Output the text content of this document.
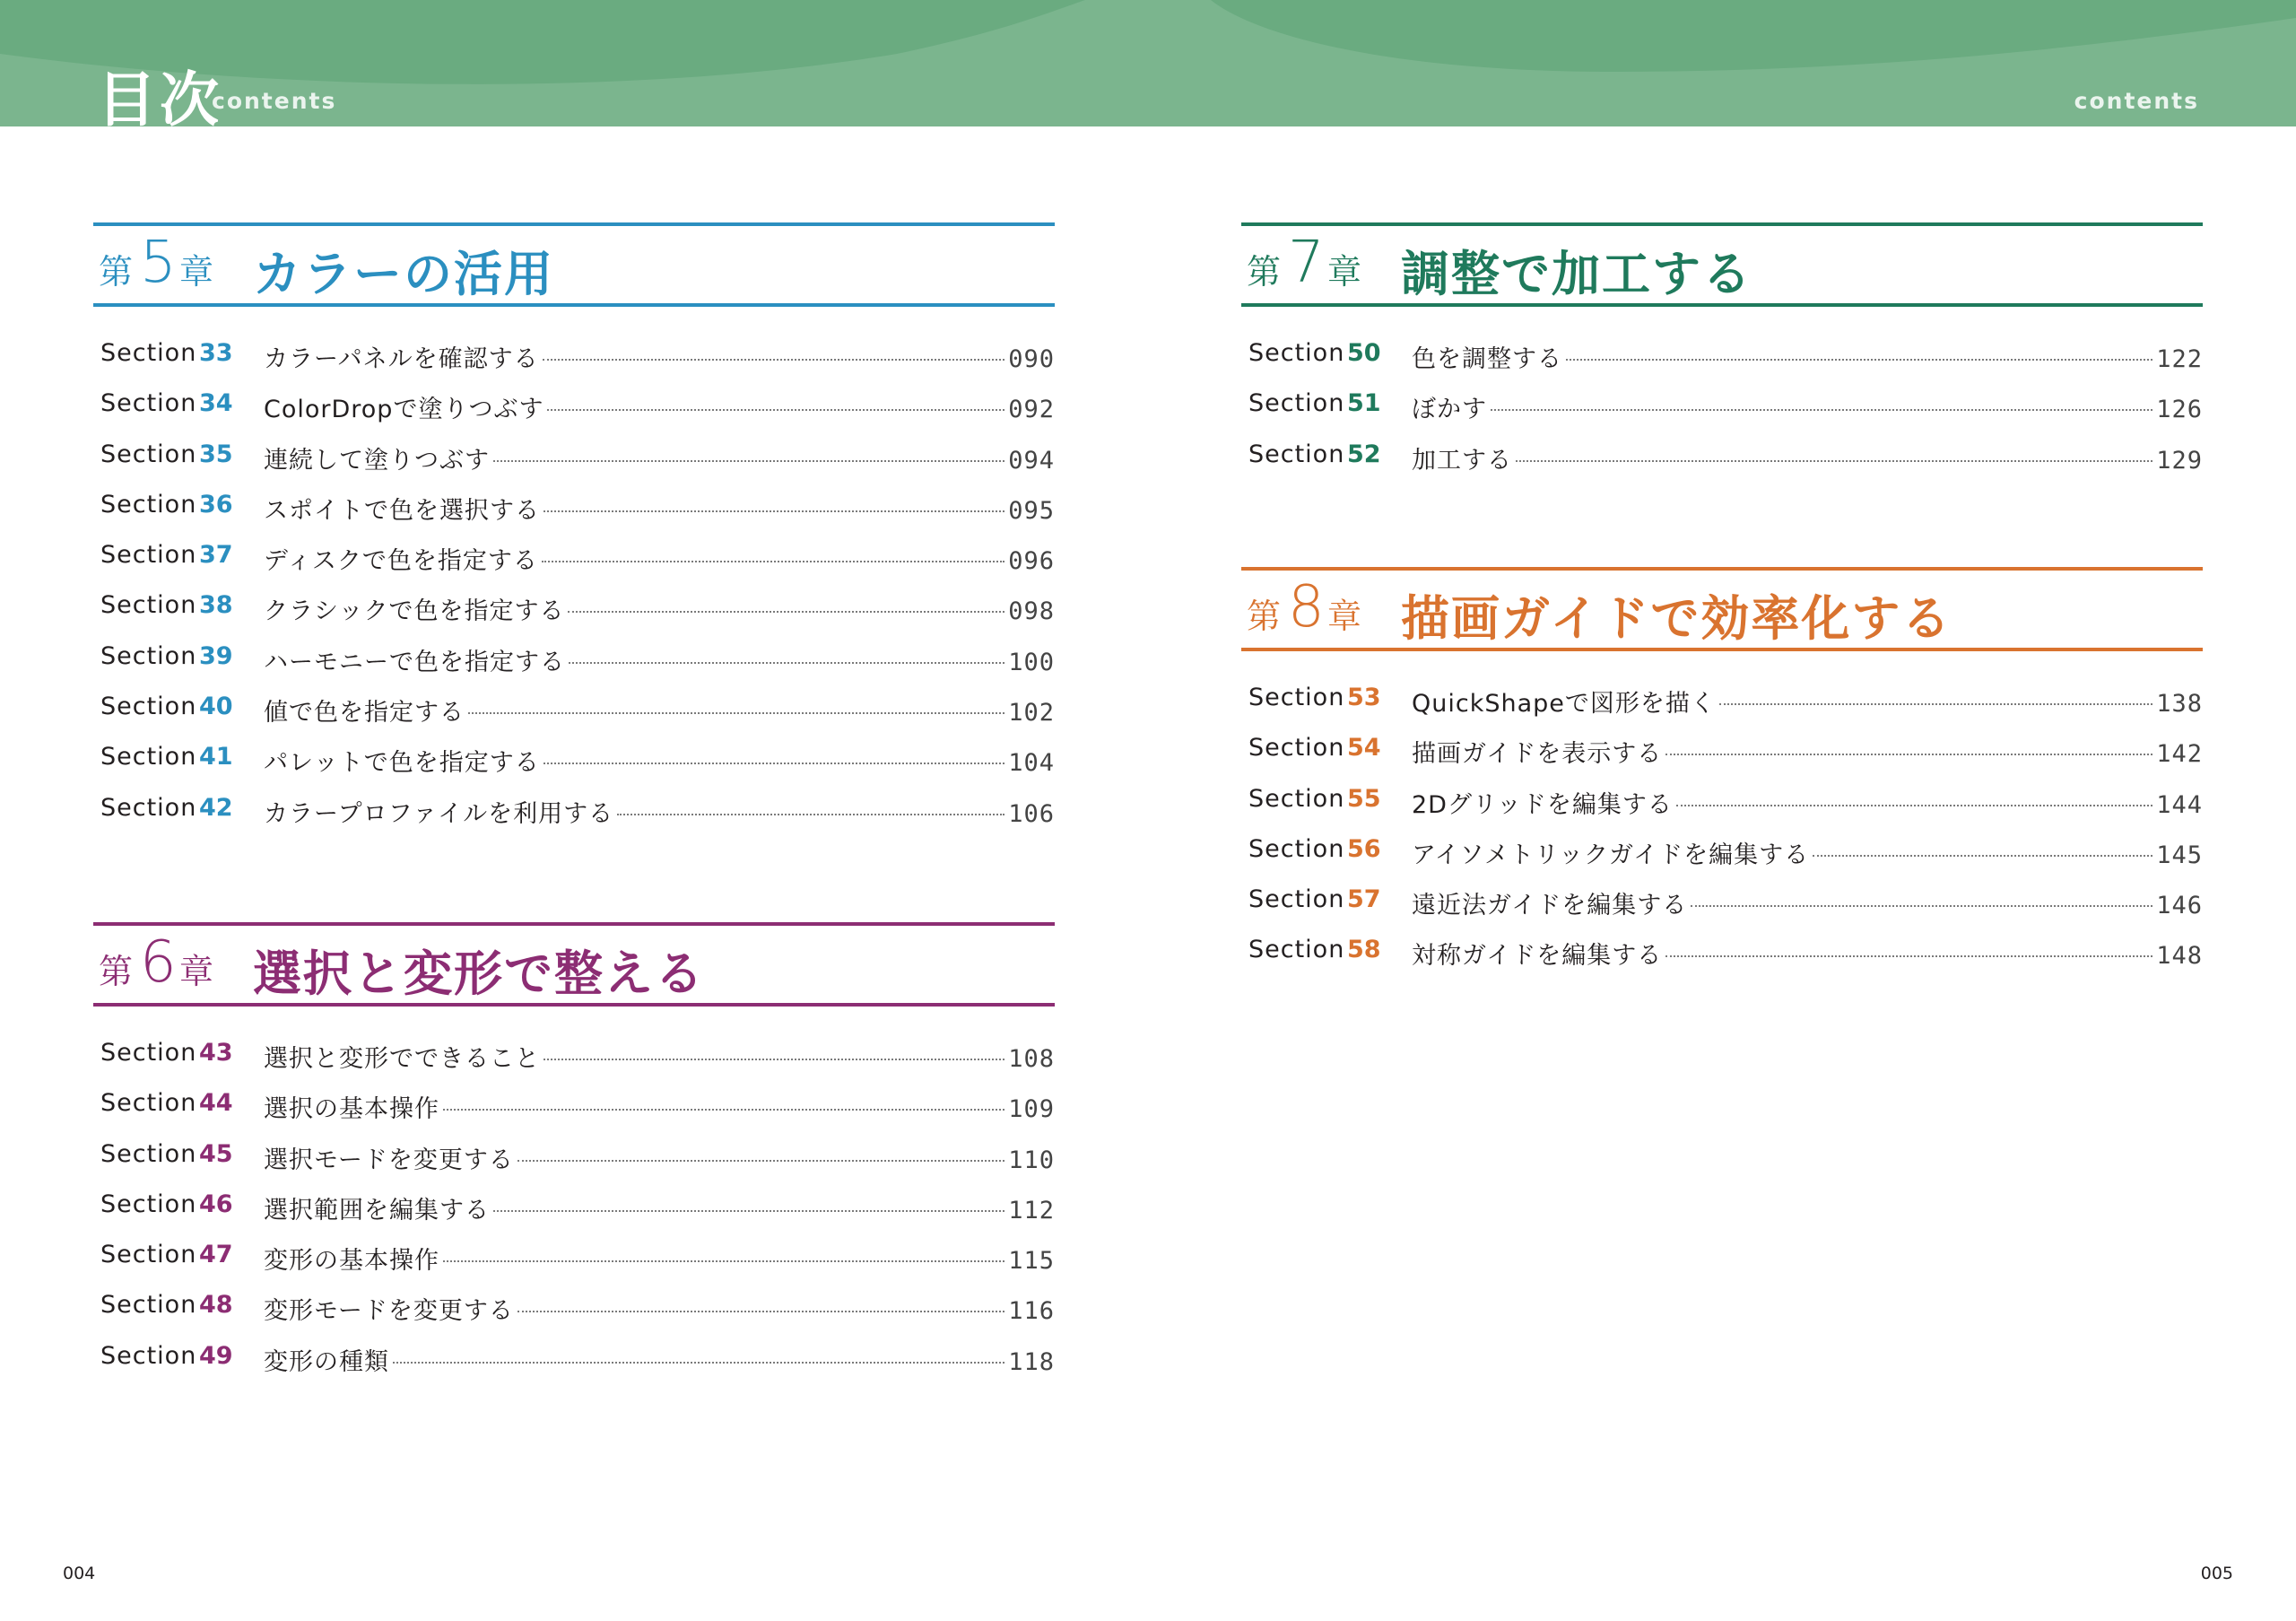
目次
contents	contents
第 5 章 カラーの活用
Section 33 カラーパネルを確認する	090
Section 34 ColorDropで塗りつぶす	092
Section 35 連続して塗りつぶす	094
Section 36 スポイトで色を選択する	095
Section 37 ディスクで色を指定する	096
Section 38 クラシックで色を指定する	098
Section 39 ハーモニーで色を指定する	100
Section 40 値で色を指定する	102
Section 41 パレットで色を指定する	104
Section 42 カラープロファイルを利用する	106
第 6 章 選択と変形で整える
Section 43 選択と変形でできること	108
Section 44 選択の基本操作	109
Section 45 選択モードを変更する	110
Section 46 選択範囲を編集する	112
Section 47 変形の基本操作	115
Section 48 変形モードを変更する	116
Section 49 変形の種類	118
第 7 章 調整で加工する
Section 50 色を調整する	122
Section 51 ぼかす	126
Section 52 加工する	129
第 8 章 描画ガイドで効率化する
Section 53 QuickShapeで図形を描く	138
Section 54 描画ガイドを表示する	142
Section 55 2Dグリッドを編集する	144
Section 56 アイソメトリックガイドを編集する	145
Section 57 遠近法ガイドを編集する	146
Section 58 対称ガイドを編集する	148
004	005
